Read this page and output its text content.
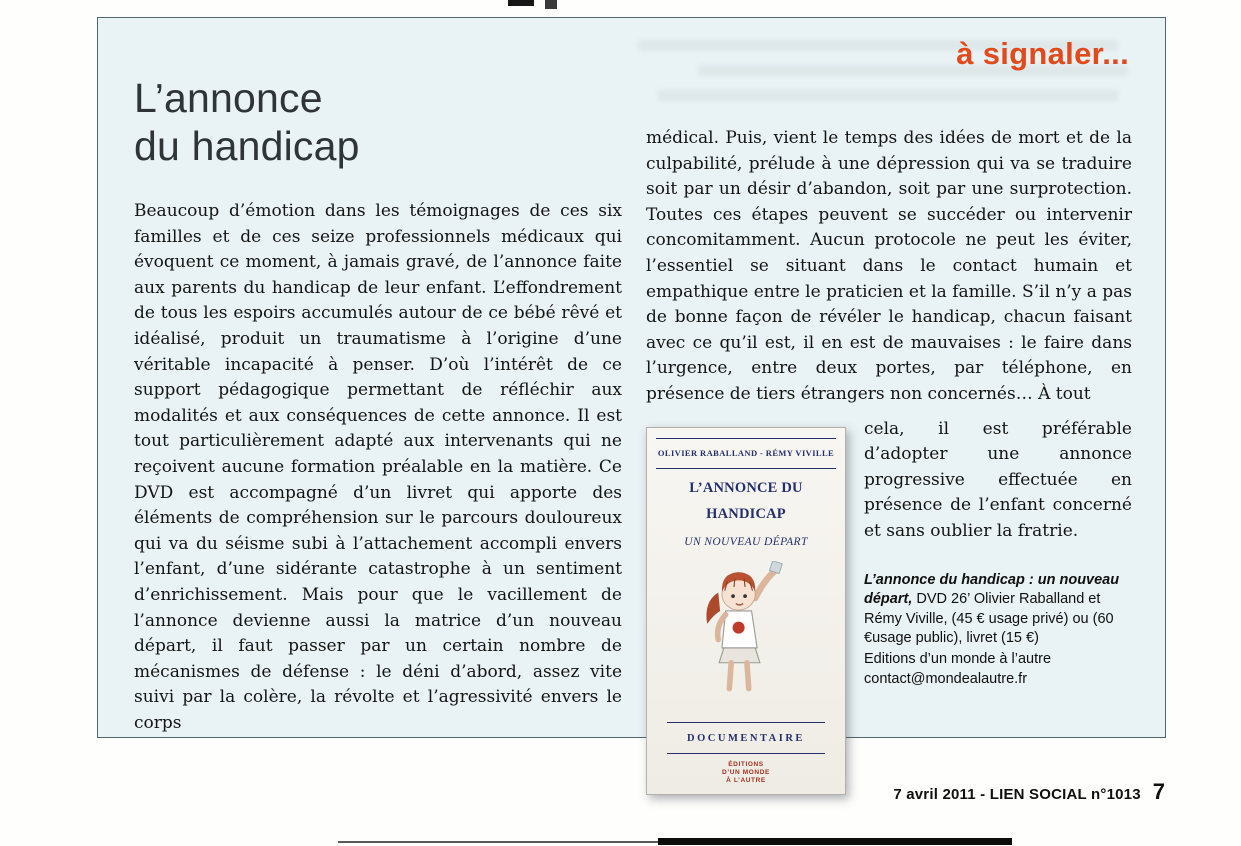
à signaler...
L’annonce
du handicap

Beaucoup d’émotion dans les témoignages de ces six familles et de ces seize professionnels médicaux qui évoquent ce moment, à jamais gravé, de l’annonce faite aux parents du handicap de leur enfant. L’effondrement de tous les espoirs accumulés autour de ce bébé rêvé et idéalisé, produit un traumatisme à l’origine d’une véritable incapacité à penser. D’où l’intérêt de ce support pédagogique permettant de réfléchir aux modalités et aux conséquences de cette annonce. Il est tout particulièrement adapté aux intervenants qui ne reçoivent aucune formation préalable en la matière. Ce DVD est accompagné d’un livret qui apporte des éléments de compréhension sur le parcours douloureux qui va du séisme subi à l’attachement accompli envers l’enfant, d’une sidérante catastrophe à un sentiment d’enrichissement. Mais pour que le vacillement de l’annonce devienne aussi la matrice d’un nouveau départ, il faut passer par un certain nombre de mécanismes de défense : le déni d’abord, assez vite suivi par la colère, la révolte et l’agressivité envers le corps

médical. Puis, vient le temps des idées de mort et de la culpabilité, prélude à une dépression qui va se traduire soit par un désir d’abandon, soit par une surprotection. Toutes ces étapes peuvent se succéder ou intervenir concomitamment. Aucun protocole ne peut les éviter, l’essentiel se situant dans le contact humain et empathique entre le praticien et la famille. S’il n’y a pas de bonne façon de révéler le handicap, chacun faisant avec ce qu’il est, il en est de mauvaises : le faire dans l’urgence, entre deux portes, par téléphone, en présence de tiers étrangers non concernés… À tout

OLIVIER RABALLAND - RÉMY VIVILLE
L’ANNONCE DU HANDICAP
UN NOUVEAU DÉPART
DOCUMENTAIRE
ÉDITIONS
D’UN MONDE
À L’AUTRE

cela, il est préférable d’adopter une annonce progressive effectuée en présence de l’enfant concerné et sans oublier la fratrie.

L’annonce du handicap : un nouveau départ, DVD 26’ Olivier Raballand et Rémy Viville, (45 € usage privé) ou (60 €usage public), livret (15 €)

Editions d’un monde à l’autre
contact@mondealautre.fr
7 avril 2011 - LIEN SOCIAL n°1013 7
